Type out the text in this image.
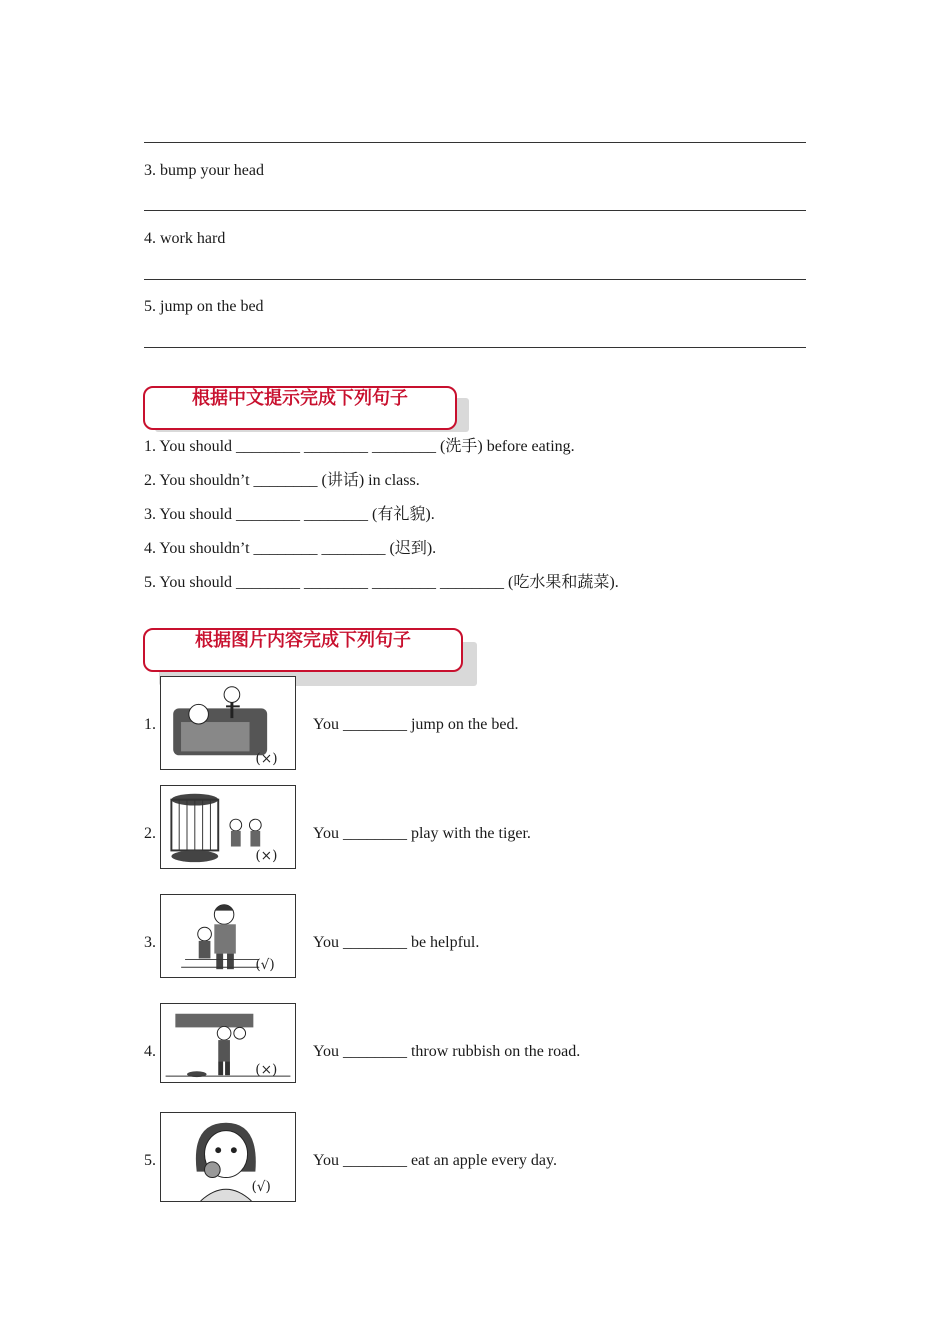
3. bump your head
4. work hard
5. jump on the bed
根据中文提示完成下列句子
1. You should ________ ________ ________ (洗手) before eating.
2. You shouldn’t ________ (讲话) in class.
3. You should ________ ________ (有礼貌).
4. You shouldn’t ________ ________ (迟到).
5. You should ________ ________ ________ ________ (吃水果和蔬菜).
根据图片内容完成下列句子
1.
(×)
You ________ jump on the bed.
2.
(×)
You ________ play with the tiger.
3.
(√)
You ________ be helpful.
4.
(×)
You ________ throw rubbish on the road.
5.
(√)
You ________ eat an apple every day.
